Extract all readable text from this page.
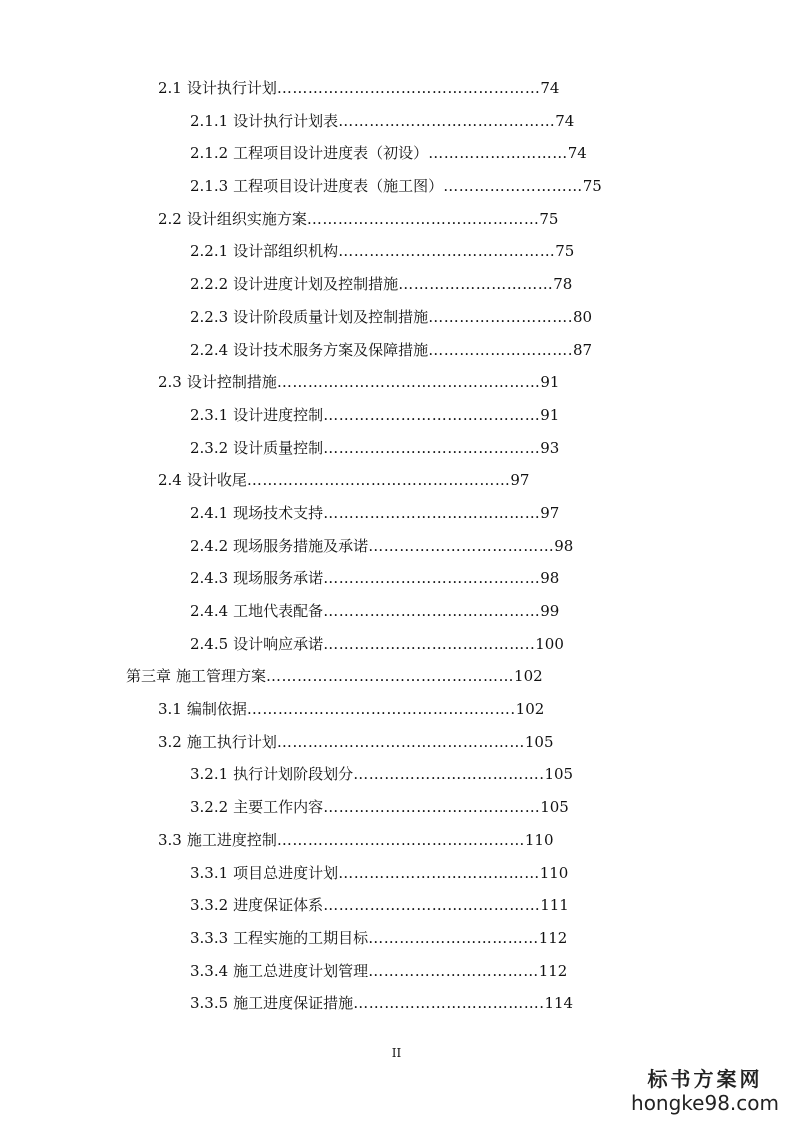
2.1 设计执行计划……………………………………………74
2.1.1 设计执行计划表……………………………………74
2.1.2 工程项目设计进度表（初设）………………………74
2.1.3 工程项目设计进度表（施工图）………………………75
2.2 设计组织实施方案………………………………………75
2.2.1 设计部组织机构……………………………………75
2.2.2 设计进度计划及控制措施…………………………78
2.2.3 设计阶段质量计划及控制措施……………………….80
2.2.4 设计技术服务方案及保障措施……………………….87
2.3 设计控制措施……………………………………………91
2.3.1 设计进度控制……………………………………91
2.3.2 设计质量控制……………………………………93
2.4 设计收尾……………………………………………97
2.4.1 现场技术支持……………………………………97
2.4.2 现场服务措施及承诺………………………………98
2.4.3 现场服务承诺……………………………………98
2.4.4 工地代表配备……………………………………99
2.4.5 设计响应承诺…………………………………..100
第三章 施工管理方案…………………………………………102
3.1 编制依据…………………………………………….102
3.2 施工执行计划…………………………………………105
3.2.1 执行计划阶段划分……………………………….105
3.2.2 主要工作内容……………………………………105
3.3 施工进度控制…………………………………………110
3.3.1 项目总进度计划…………………………………110
3.3.2 进度保证体系……………………………………111
3.3.3 工程实施的工期目标……………………………112
3.3.4 施工总进度计划管理……………………………112
3.3.5 施工进度保证措施……………………………….114
II
标书方案网
hongke98.com
